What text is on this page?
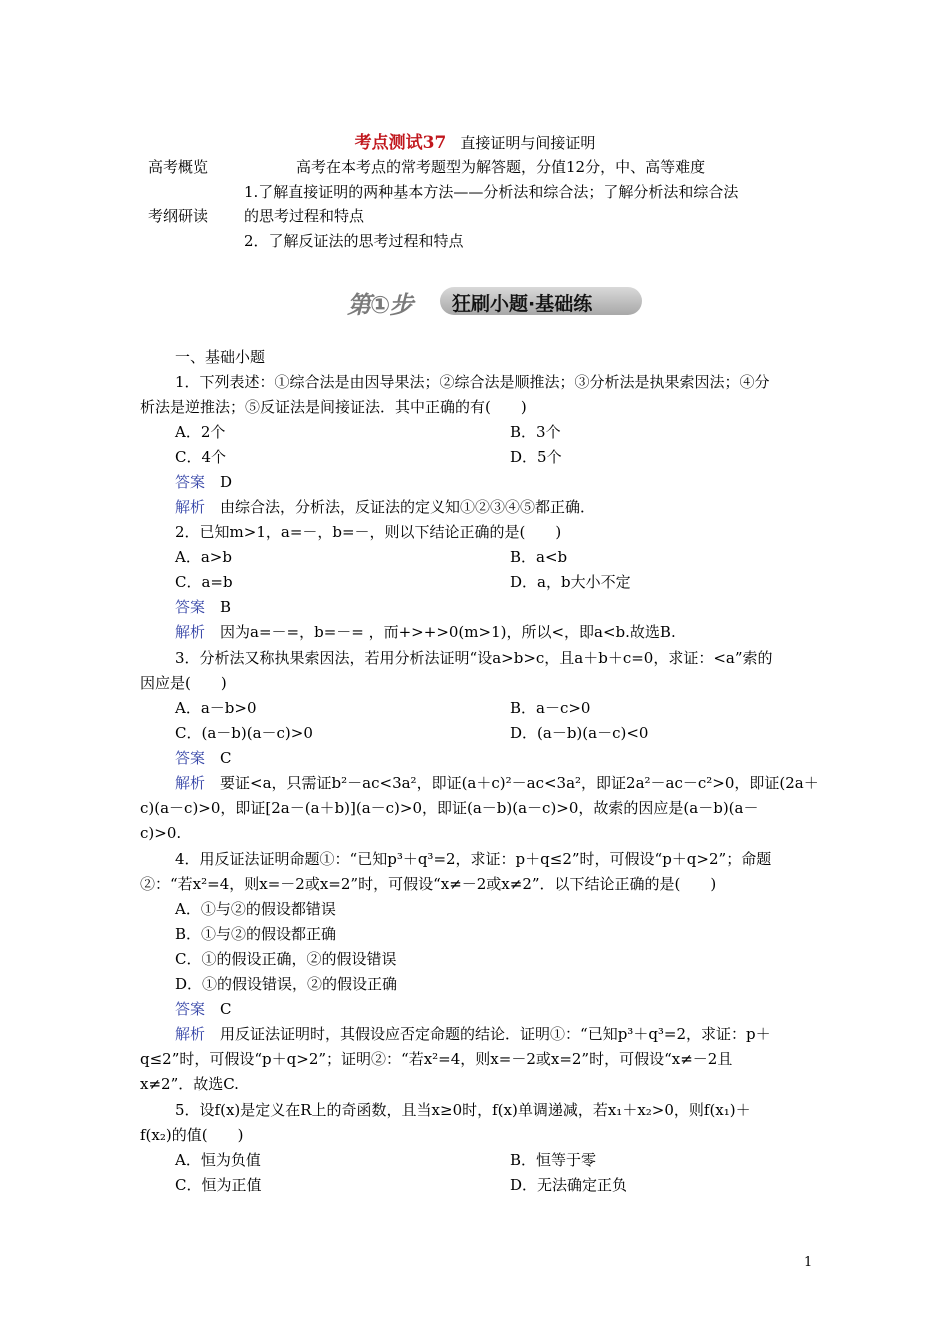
考点测试37 直接证明与间接证明
高考概览	高考在本考点的常考题型为解答题，分值12分，中、高等难度
1.了解直接证明的两种基本方法——分析法和综合法；了解分析法和综合法
考纲研读 的思考过程和特点
2．了解反证法的思考过程和特点
第①步 狂刷小题·基础练
一、基础小题
1．下列表述：①综合法是由因导果法；②综合法是顺推法；③分析法是执果索因法；④分
析法是逆推法；⑤反证法是间接证法．其中正确的有(　　)
A．2个	B．3个
C．4个	D．5个
答案　 D
解析　 由综合法，分析法，反证法的定义知①②③④⑤都正确．
2．已知m>1，a=－，b=－，则以下结论正确的是(　　)
A．a>b	B．a<b
C．a=b	D．a，b大小不定
答案　 B
解析　 因为a=－=，b=－= ，而+>+>0(m>1)，所以<，即a<b.故选B.
3．分析法又称执果索因法，若用分析法证明“设a>b>c，且a＋b＋c=0，求证：<a”索的
因应是(　　)
A．a－b>0	B．a－c>0
C．(a－b)(a－c)>0	D．(a－b)(a－c)<0
答案　 C
解析　 要证<a，只需证b²－ac<3a²，即证(a＋c)²－ac<3a²，即证2a²－ac－c²>0，即证(2a＋
c)(a－c)>0，即证[2a－(a＋b)](a－c)>0，即证(a－b)(a－c)>0，故索的因应是(a－b)(a－
c)>0.
4．用反证法证明命题①：“已知p³＋q³=2，求证：p＋q≤2”时，可假设“p＋q>2”；命题
②：“若x²=4，则x=－2或x=2”时，可假设“x≠－2或x≠2”．以下结论正确的是(　　)
A．①与②的假设都错误
B．①与②的假设都正确
C．①的假设正确，②的假设错误
D．①的假设错误，②的假设正确
答案　 C
解析　 用反证法证明时，其假设应否定命题的结论．证明①：“已知p³＋q³=2，求证：p＋
q≤2”时，可假设“p＋q>2”；证明②：“若x²=4，则x=－2或x=2”时，可假设“x≠－2且
x≠2”．故选C.
5．设f(x)是定义在R上的奇函数，且当x≥0时，f(x)单调递减，若x₁＋x₂>0，则f(x₁)＋
f(x₂)的值(　　)
A．恒为负值	B．恒等于零
C．恒为正值	D．无法确定正负
1
